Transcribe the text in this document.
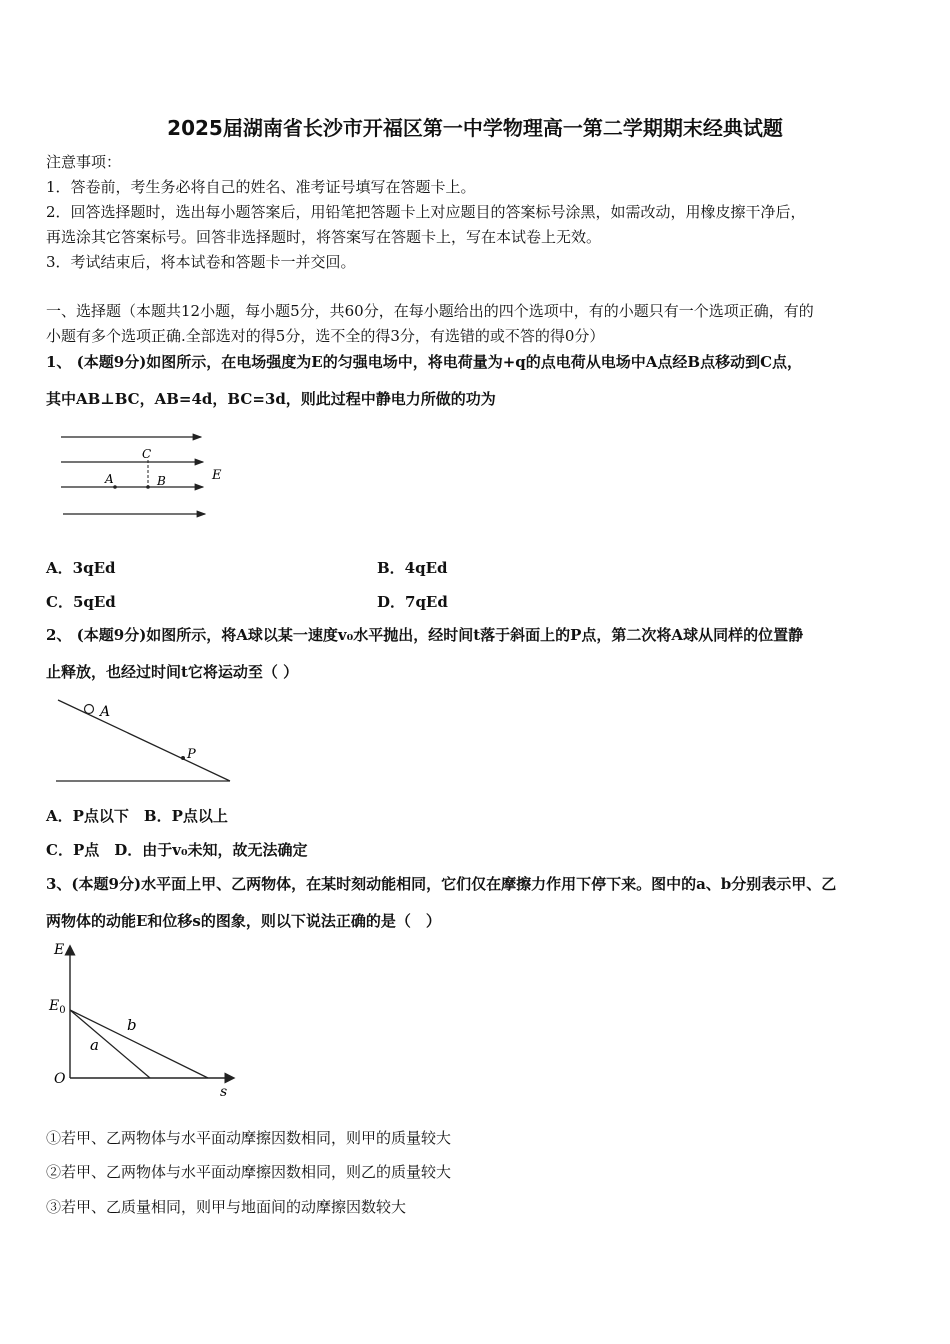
2025届湖南省长沙市开福区第一中学物理高一第二学期期末经典试题
注意事项：
1．答卷前，考生务必将自己的姓名、准考证号填写在答题卡上。
2．回答选择题时，选出每小题答案后，用铅笔把答题卡上对应题目的答案标号涂黑，如需改动，用橡皮擦干净后，
再选涂其它答案标号。回答非选择题时，将答案写在答题卡上，写在本试卷上无效。
3．考试结束后，将本试卷和答题卡一并交回。
一、选择题（本题共12小题，每小题5分，共60分，在每小题给出的四个选项中，有的小题只有一个选项正确，有的
小题有多个选项正确.全部选对的得5分，选不全的得3分，有选错的或不答的得0分）
1、 (本题9分)如图所示，在电场强度为E的匀强电场中，将电荷量为+q的点电荷从电场中A点经B点移动到C点，
其中AB⊥BC，AB=4d，BC=3d，则此过程中静电力所做的功为
C
A	B	E
A．3qEd	B．4qEd
C．5qEd	D．7qEd
2、 (本题9分)如图所示，将A球以某一速度v₀水平抛出，经时间t落于斜面上的P点，第二次将A球从同样的位置静
止释放，也经过时间t它将运动至（ ）
A
P
A．P点以下　B．P点以上
C．P点　D．由于v₀未知，故无法确定
3、(本题9分)水平面上甲、乙两物体，在某时刻动能相同，它们仅在摩擦力作用下停下来。图中的a、b分别表示甲、乙
两物体的动能E和位移s的图象，则以下说法正确的是（　）
E
$E_0$
O
s
a
b
①若甲、乙两物体与水平面动摩擦因数相同，则甲的质量较大
②若甲、乙两物体与水平面动摩擦因数相同，则乙的质量较大
③若甲、乙质量相同，则甲与地面间的动摩擦因数较大
